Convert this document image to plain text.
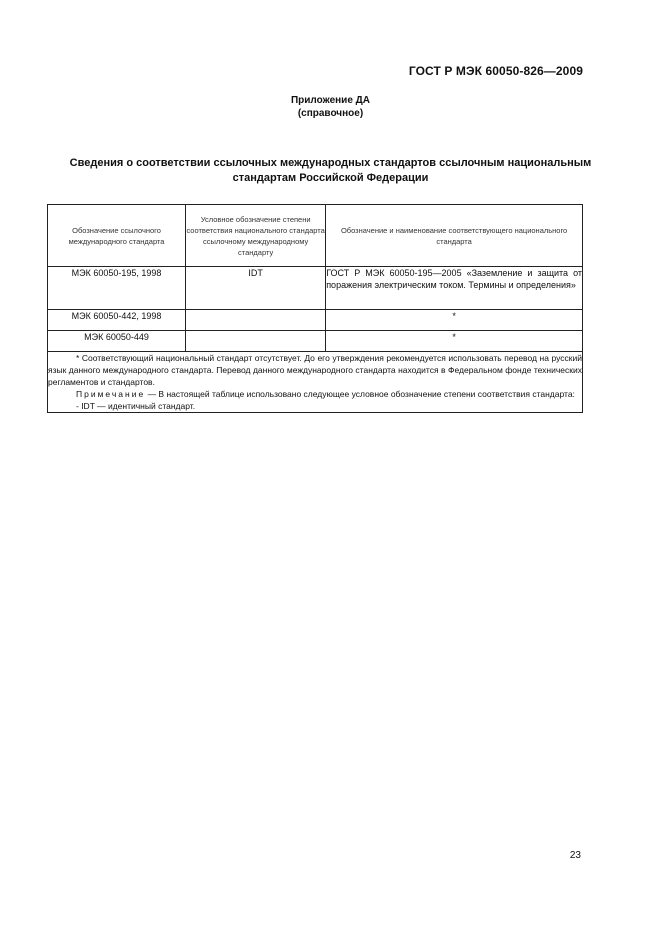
ГОСТ Р МЭК 60050-826—2009
Приложение ДА
(справочное)
Сведения о соответствии ссылочных международных стандартов ссылочным национальным
стандартам Российской Федерации
Обозначение ссылочного международного стандарта	Условное обозначение степени соответствия национального стандарта ссылочному международному стандарту	Обозначение и наименование соответствующего национального стандарта
МЭК 60050-195, 1998	IDT	ГОСТ Р МЭК 60050-195—2005 «Заземление и защита от поражения электрическим током. Термины и определения»
МЭК 60050-442, 1998		*
МЭК 60050-449		*

* Соответствующий национальный стандарт отсутствует. До его утверждения рекомендуется использовать перевод на русский язык данного международного стандарта. Перевод данного международного стандарта находится в Федеральном фонде технических регламентов и стандартов.
Примечание — В настоящей таблице использовано следующее условное обозначение степени соответствия стандарта:
- IDT — идентичный стандарт.		
23
